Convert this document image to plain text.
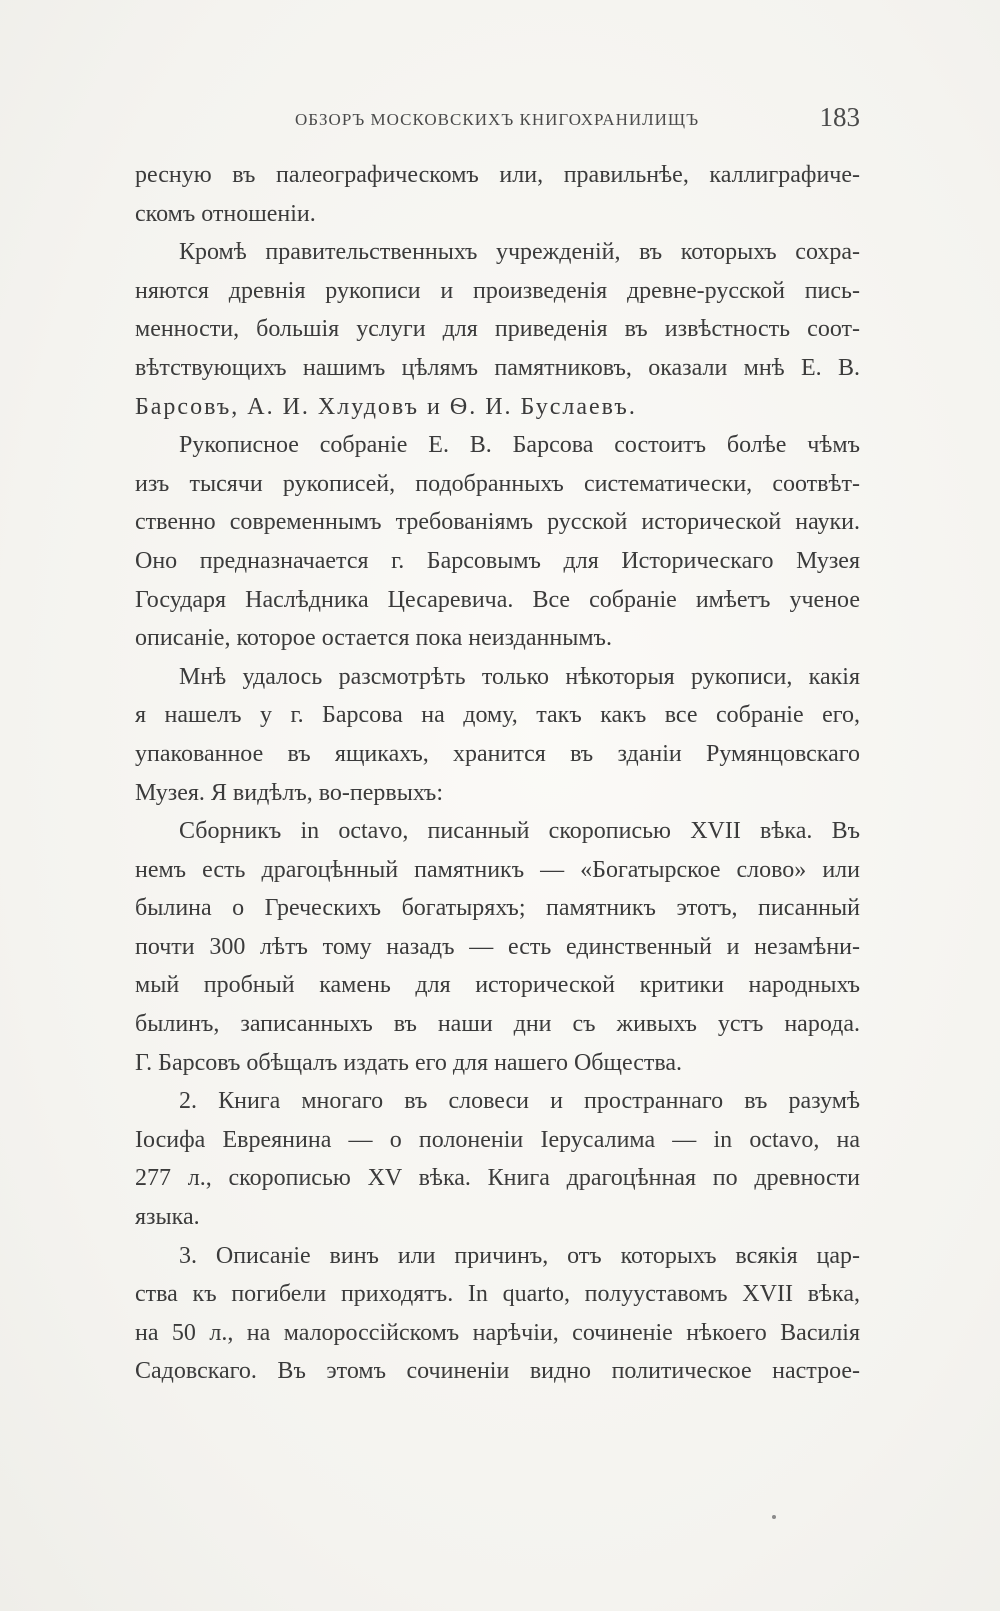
ОБЗОРЪ МОСКОВСКИХЪ КНИГОХРАНИЛИЩЪ	183
ресную въ палеографическомъ или, правильнѣе, каллиграфиче-
скомъ отношеніи.
Кромѣ правительственныхъ учрежденій, въ которыхъ сохра-
няются древнія рукописи и произведенія древне-русской пись-
менности, большія услуги для приведенія въ извѣстность соот-
вѣтствующихъ нашимъ цѣлямъ памятниковъ, оказали мнѣ Е. В.
Барсовъ, А. И. Хлудовъ и Ѳ. И. Буслаевъ.
Рукописное собраніе Е. В. Барсова состоитъ болѣе чѣмъ
изъ тысячи рукописей, подобранныхъ систематически, соотвѣт-
ственно современнымъ требованіямъ русской исторической науки.
Оно предназначается г. Барсовымъ для Историческаго Музея
Государя Наслѣдника Цесаревича. Все собраніе имѣетъ ученое
описаніе, которое остается пока неизданнымъ.
Мнѣ удалось разсмотрѣть только нѣкоторыя рукописи, какія
я нашелъ у г. Барсова на дому, такъ какъ все собраніе его,
упакованное въ ящикахъ, хранится въ зданіи Румянцовскаго
Музея. Я видѣлъ, во-первыхъ:
Сборникъ in octavo, писанный скорописью XVII вѣка. Въ
немъ есть драгоцѣнный памятникъ — «Богатырское слово» или
былина о Греческихъ богатыряхъ; памятникъ этотъ, писанный
почти 300 лѣтъ тому назадъ — есть единственный и незамѣни-
мый пробный камень для исторической критики народныхъ
былинъ, записанныхъ въ наши дни съ живыхъ устъ народа.
Г. Барсовъ обѣщалъ издать его для нашего Общества.
2. Книга многаго въ словеси и пространнаго въ разумѣ
Іосифа Евреянина — о полоненіи Іерусалима — in octavo, на
277 л., скорописью XV вѣка. Книга драгоцѣнная по древности
языка.
3. Описаніе винъ или причинъ, отъ которыхъ всякія цар-
ства къ погибели приходятъ. In quarto, полууставомъ XVII вѣка,
на 50 л., на малороссійскомъ нарѣчіи, сочиненіе нѣкоего Василія
Садовскаго. Въ этомъ сочиненіи видно политическое настрое-
